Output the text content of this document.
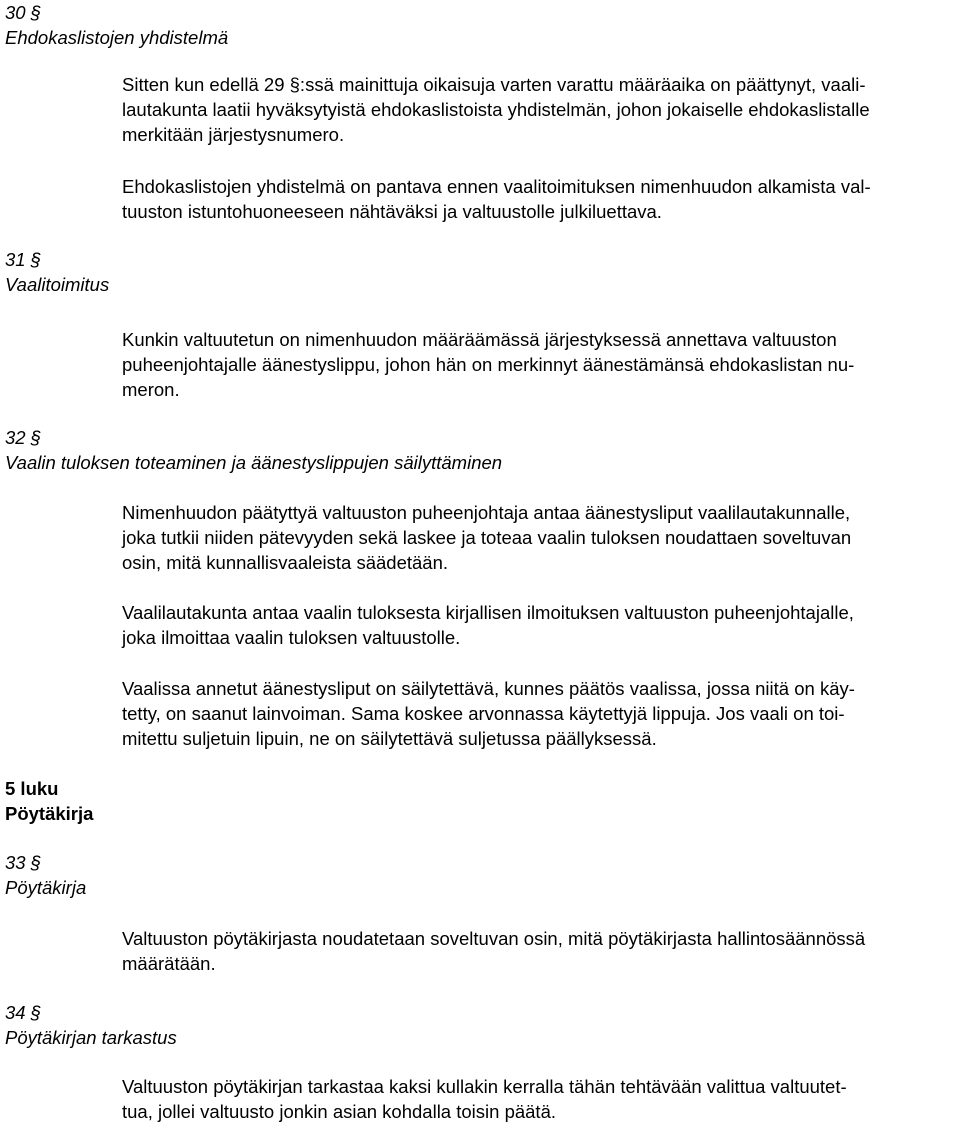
30 §
Ehdokaslistojen yhdistelmä

Sitten kun edellä 29 §:ssä mainittuja oikaisuja varten varattu määräaika on päättynyt, vaali-
lautakunta laatii hyväksytyistä ehdokaslistoista yhdistelmän, johon jokaiselle ehdokaslistalle
merkitään järjestysnumero.

Ehdokaslistojen yhdistelmä on pantava ennen vaalitoimituksen nimenhuudon alkamista val-
tuuston istuntohuoneeseen nähtäväksi ja valtuustolle julkiluettava.

31 §
Vaalitoimitus

Kunkin valtuutetun on nimenhuudon määräämässä järjestyksessä annettava valtuuston
puheenjohtajalle äänestyslippu, johon hän on merkinnyt äänestämänsä ehdokaslistan nu-
meron.

32 §
Vaalin tuloksen toteaminen ja äänestyslippujen säilyttäminen

Nimenhuudon päätyttyä valtuuston puheenjohtaja antaa äänestysliput vaalilautakunnalle,
joka tutkii niiden pätevyyden sekä laskee ja toteaa vaalin tuloksen noudattaen soveltuvan
osin, mitä kunnallisvaaleista säädetään.

Vaalilautakunta antaa vaalin tuloksesta kirjallisen ilmoituksen valtuuston puheenjohtajalle,
joka ilmoittaa vaalin tuloksen valtuustolle.

Vaalissa annetut äänestysliput on säilytettävä, kunnes päätös vaalissa, jossa niitä on käy-
tetty, on saanut lainvoiman. Sama koskee arvonnassa käytettyjä lippuja. Jos vaali on toi-
mitettu suljetuin lipuin, ne on säilytettävä suljetussa päällyksessä.

5 luku
Pöytäkirja
33 §
Pöytäkirja

Valtuuston pöytäkirjasta noudatetaan soveltuvan osin, mitä pöytäkirjasta hallintosäännössä
määrätään.

34 §
Pöytäkirjan tarkastus

Valtuuston pöytäkirjan tarkastaa kaksi kullakin kerralla tähän tehtävään valittua valtuutet-
tua, jollei valtuusto jonkin asian kohdalla toisin päätä.
